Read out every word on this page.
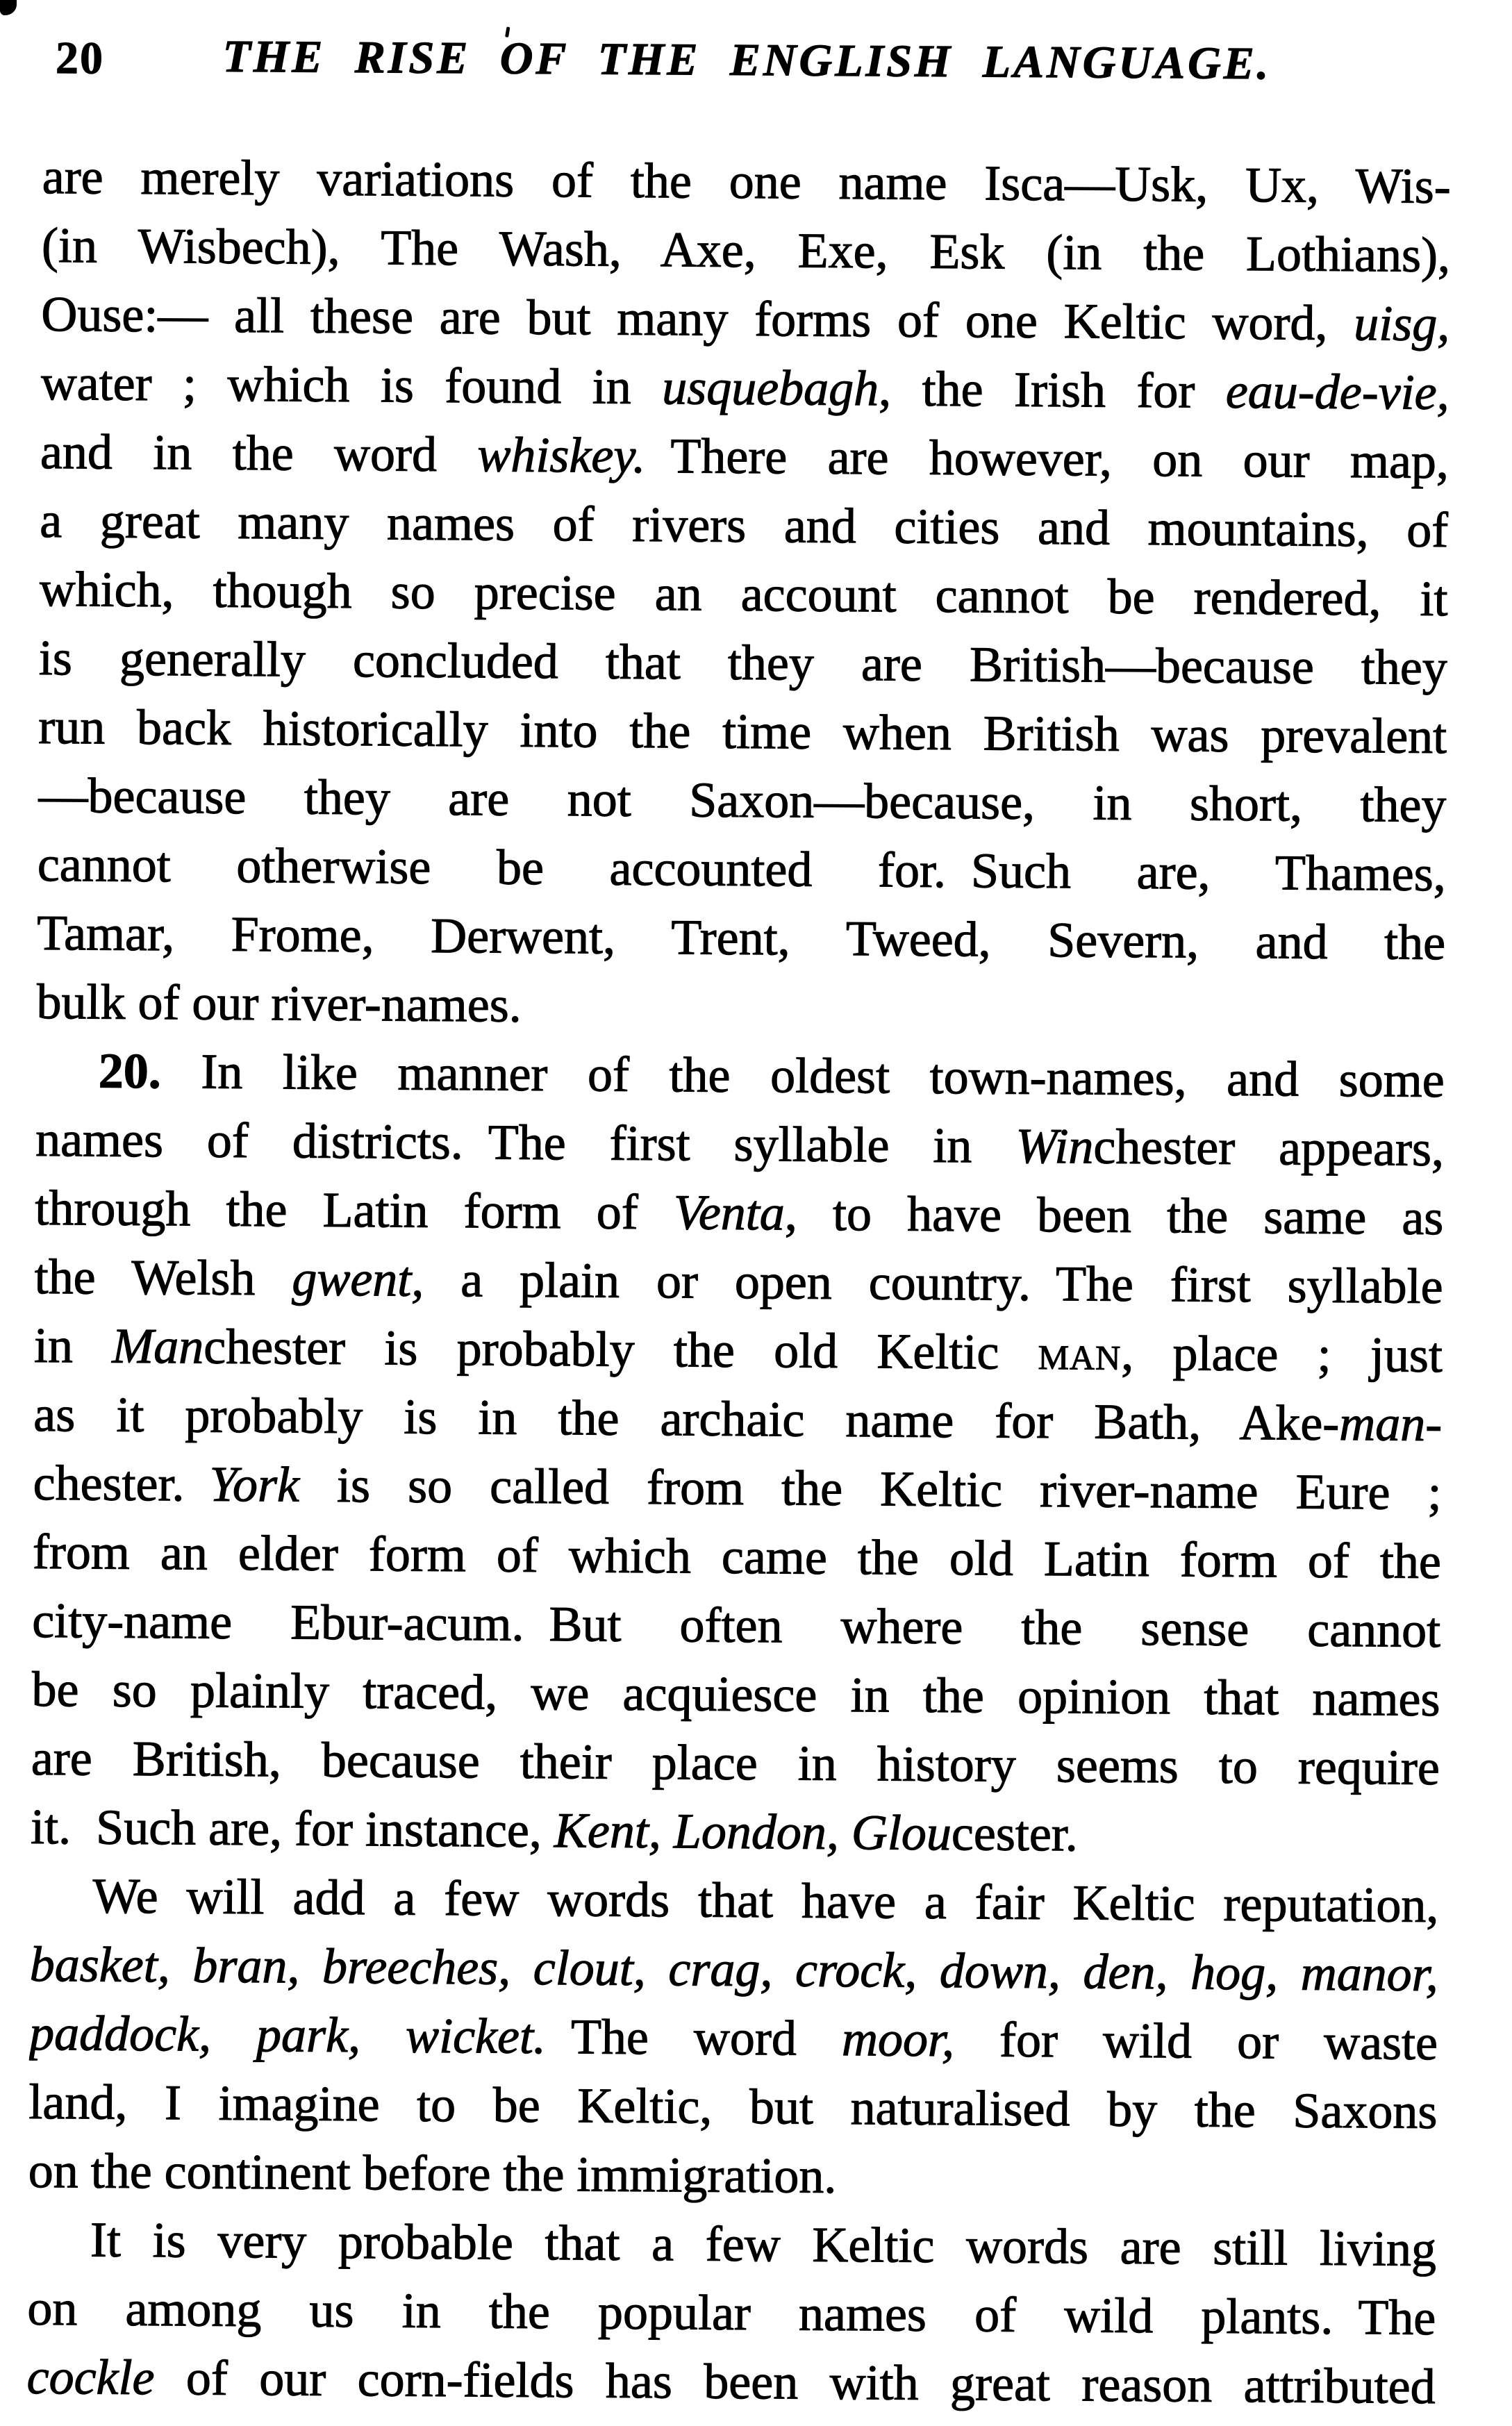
20	THE RISE OF THE ENGLISH LANGUAGE.
are merely variations of the one name Isca—Usk, Ux, Wis-
(in Wisbech), The Wash, Axe, Exe, Esk (in the Lothians),
Ouse:— all these are but many forms of one Keltic word, uisg,
water ; which is found in usquebagh, the Irish for eau-de-vie,
and in the word whiskey. There are however, on our map,
a great many names of rivers and cities and mountains, of
which, though so precise an account cannot be rendered, it
is generally concluded that they are British—because they
run back historically into the time when British was prevalent
—because they are not Saxon—because, in short, they
cannot otherwise be accounted for. Such are, Thames,
Tamar, Frome, Derwent, Trent, Tweed, Severn, and the
bulk of our river-names.
20. In like manner of the oldest town-names, and some
names of districts. The first syllable in Winchester appears,
through the Latin form of Venta, to have been the same as
the Welsh gwent, a plain or open country. The first syllable
in Manchester is probably the old Keltic man, place ; just
as it probably is in the archaic name for Bath, Ake-man-
chester. York is so called from the Keltic river-name Eure ;
from an elder form of which came the old Latin form of the
city-name Ebur-acum. But often where the sense cannot
be so plainly traced, we acquiesce in the opinion that names
are British, because their place in history seems to require
it. Such are, for instance, Kent, London, Gloucester.
We will add a few words that have a fair Keltic reputation,
basket, bran, breeches, clout, crag, crock, down, den, hog, manor,
paddock, park, wicket. The word moor, for wild or waste
land, I imagine to be Keltic, but naturalised by the Saxons
on the continent before the immigration.
It is very probable that a few Keltic words are still living
on among us in the popular names of wild plants. The
cockle of our corn-fields has been with great reason attributed
